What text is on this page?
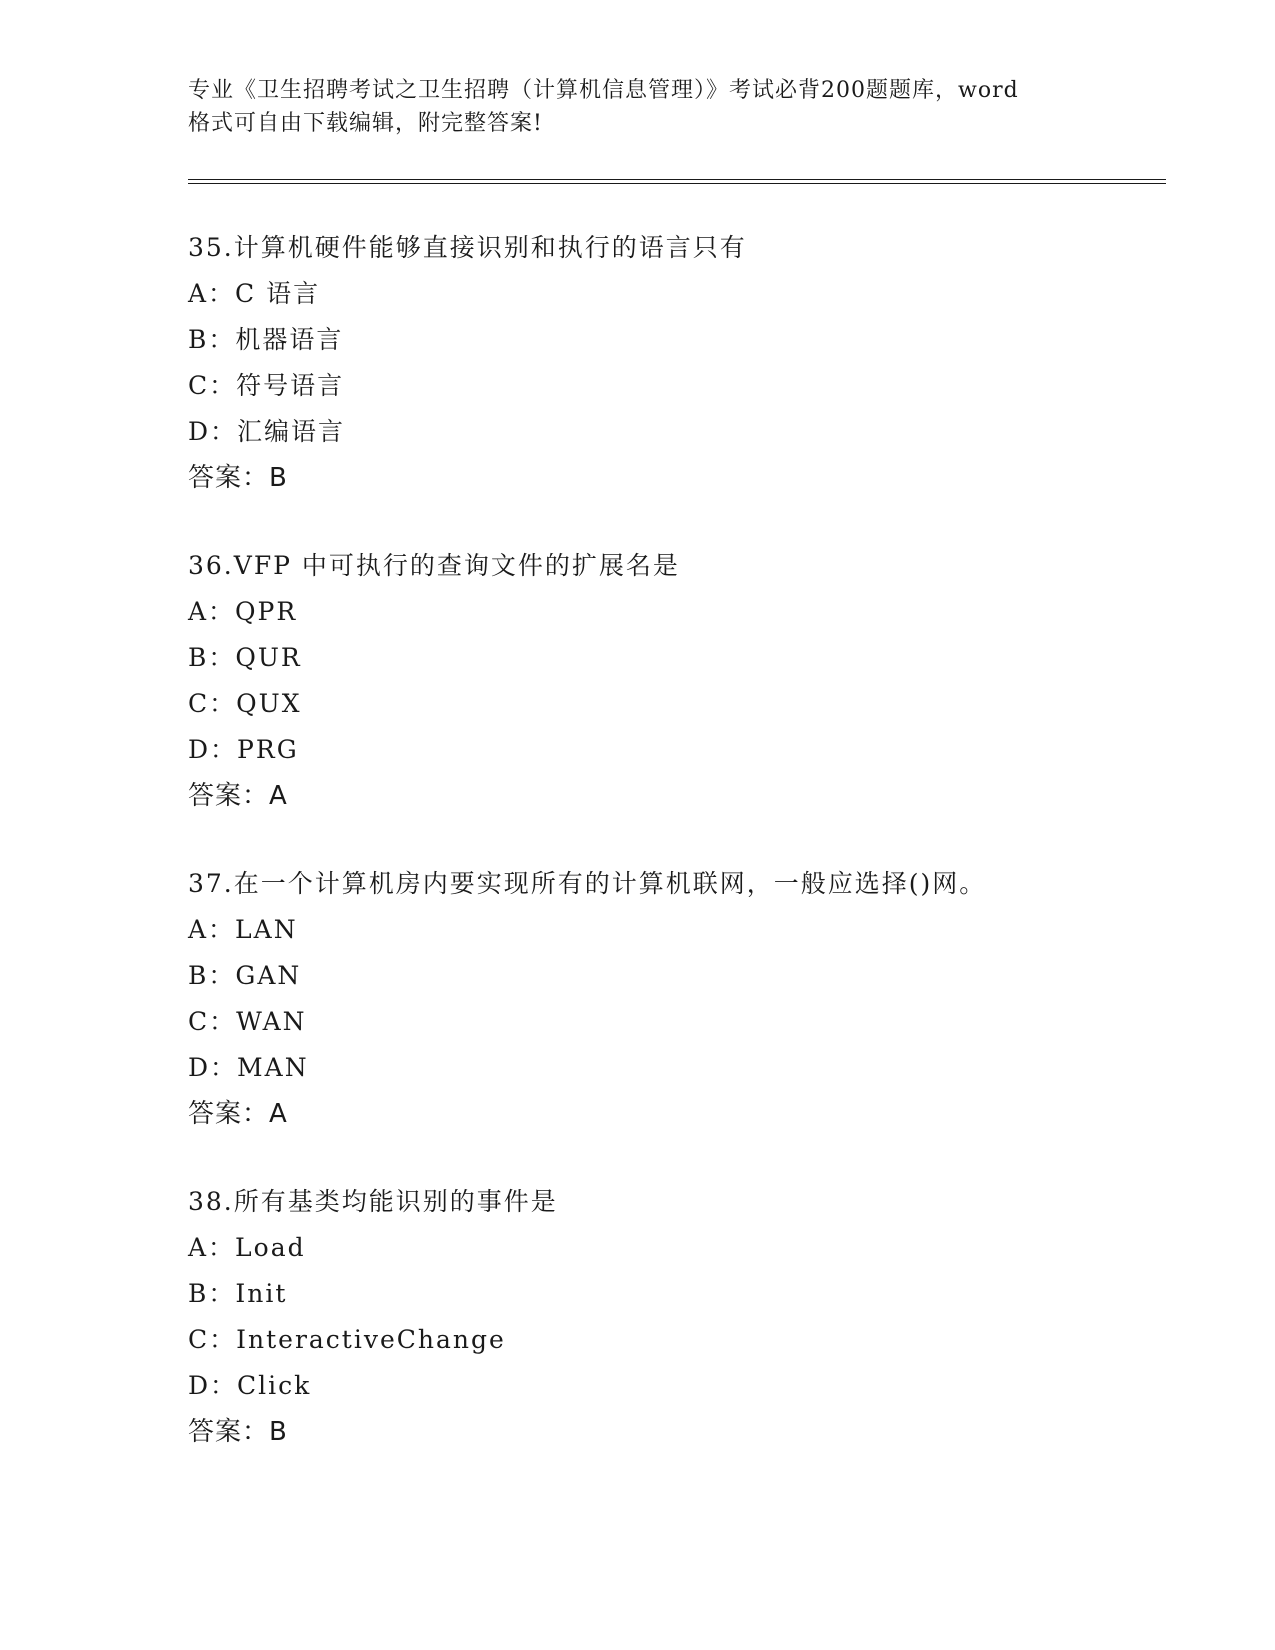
专业《卫生招聘考试之卫生招聘（计算机信息管理）》考试必背200题题库，word
格式可自由下载编辑，附完整答案!
35.计算机硬件能够直接识别和执行的语言只有
A：C 语言
B：机器语言
C：符号语言
D：汇编语言
答案：B
36.VFP 中可执行的查询文件的扩展名是
A：QPR
B：QUR
C：QUX
D：PRG
答案：A
37.在一个计算机房内要实现所有的计算机联网，一般应选择()网。
A：LAN
B：GAN
C：WAN
D：MAN
答案：A
38.所有基类均能识别的事件是
A：Load
B：Init
C：InteractiveChange
D：Click
答案：B
